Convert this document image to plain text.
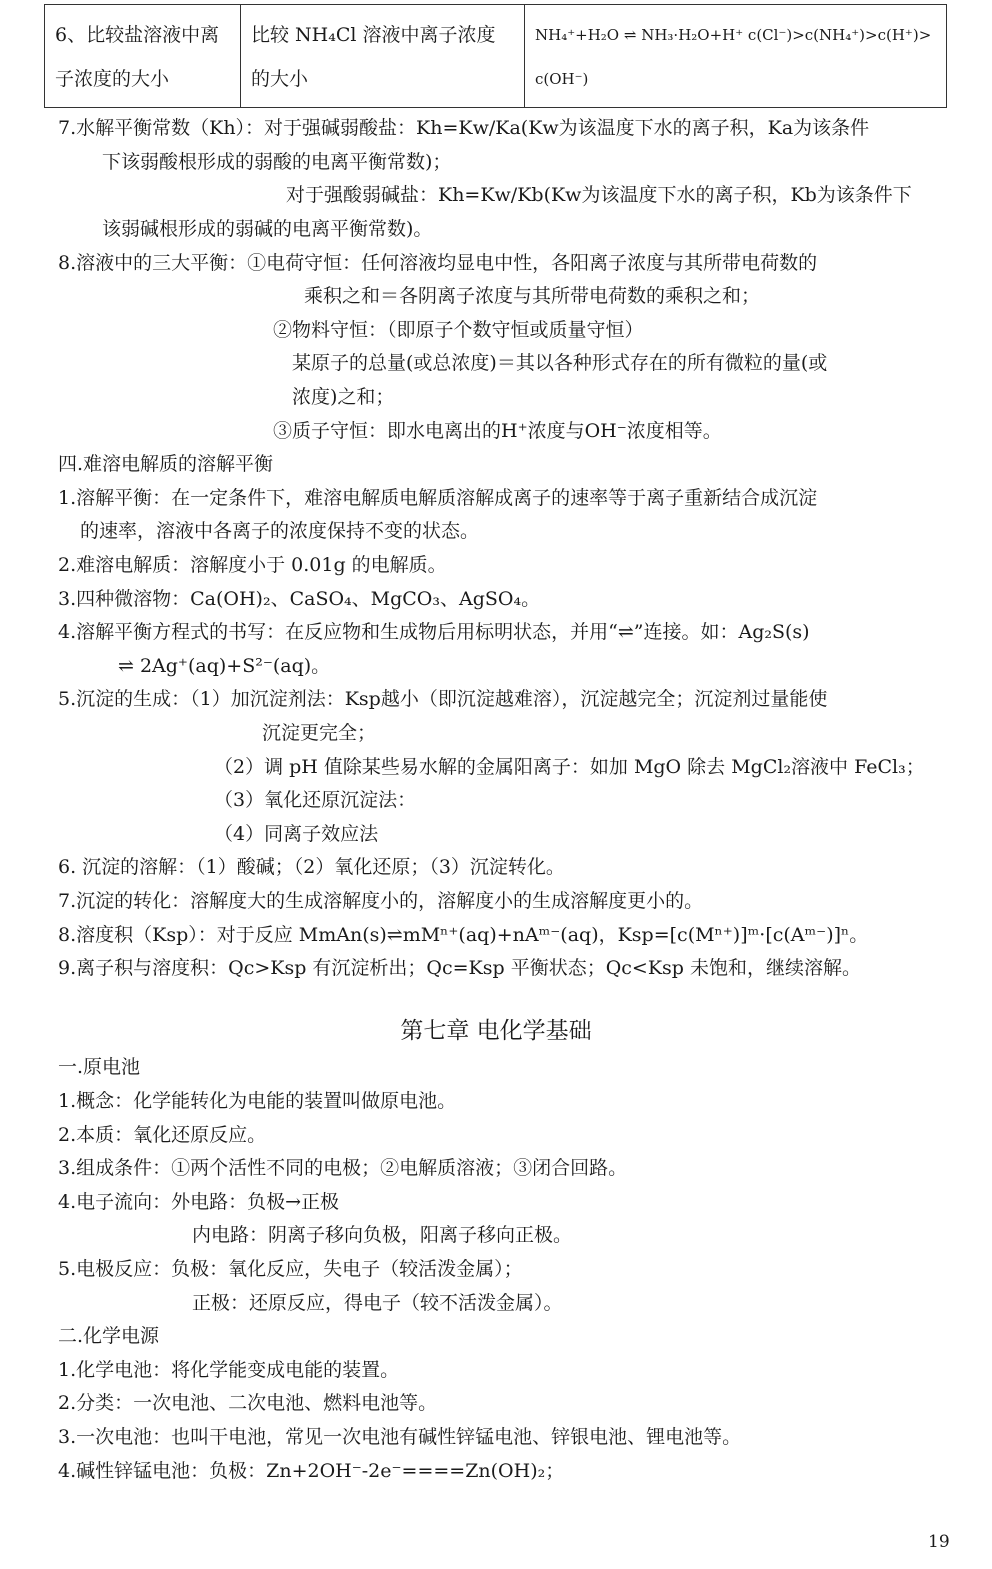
6、比较盐溶液中离子浓度的大小	比较 NH₄Cl 溶液中离子浓度的大小	NH₄⁺+H₂O ⇌ NH₃·H₂O+H⁺ c(Cl⁻)>c(NH₄⁺)>c(H⁺)>c(OH⁻)
7.水解平衡常数（Kh）：对于强碱弱酸盐：Kh=Kw/Ka(Kw为该温度下水的离子积，Ka为该条件
下该弱酸根形成的弱酸的电离平衡常数)；
对于强酸弱碱盐：Kh=Kw/Kb(Kw为该温度下水的离子积，Kb为该条件下
该弱碱根形成的弱碱的电离平衡常数)。
8.溶液中的三大平衡：①电荷守恒：任何溶液均显电中性，各阳离子浓度与其所带电荷数的
乘积之和＝各阴离子浓度与其所带电荷数的乘积之和；
②物料守恒：（即原子个数守恒或质量守恒）
某原子的总量(或总浓度)＝其以各种形式存在的所有微粒的量(或
浓度)之和；
③质子守恒：即水电离出的H⁺浓度与OH⁻浓度相等。
四.难溶电解质的溶解平衡
1.溶解平衡：在一定条件下，难溶电解质电解质溶解成离子的速率等于离子重新结合成沉淀
的速率，溶液中各离子的浓度保持不变的状态。
2.难溶电解质：溶解度小于 0.01g 的电解质。
3.四种微溶物：Ca(OH)₂、CaSO₄、MgCO₃、AgSO₄。
4.溶解平衡方程式的书写：在反应物和生成物后用标明状态，并用“⇌”连接。如：Ag₂S(s)
⇌ 2Ag⁺(aq)+S²⁻(aq)。
5.沉淀的生成：（1）加沉淀剂法：Ksp越小（即沉淀越难溶），沉淀越完全；沉淀剂过量能使
沉淀更完全；
（2）调 pH 值除某些易水解的金属阳离子：如加 MgO 除去 MgCl₂溶液中 FeCl₃；
（3）氧化还原沉淀法：
（4）同离子效应法
6. 沉淀的溶解：（1）酸碱；（2）氧化还原；（3）沉淀转化。
7.沉淀的转化：溶解度大的生成溶解度小的，溶解度小的生成溶解度更小的。
8.溶度积（Ksp）：对于反应 MmAn(s)⇌mMⁿ⁺(aq)+nAᵐ⁻(aq)，Ksp=[c(Mⁿ⁺)]ᵐ·[c(Aᵐ⁻)]ⁿ。
9.离子积与溶度积：Qc>Ksp 有沉淀析出；Qc=Ksp 平衡状态；Qc<Ksp 未饱和，继续溶解。
第七章 电化学基础
一.原电池
1.概念：化学能转化为电能的装置叫做原电池。
2.本质：氧化还原反应。
3.组成条件：①两个活性不同的电极；②电解质溶液；③闭合回路。
4.电子流向：外电路：负极→正极
内电路：阴离子移向负极，阳离子移向正极。
5.电极反应：负极：氧化反应，失电子（较活泼金属）；
正极：还原反应，得电子（较不活泼金属）。
二.化学电源
1.化学电池：将化学能变成电能的装置。
2.分类：一次电池、二次电池、燃料电池等。
3.一次电池：也叫干电池，常见一次电池有碱性锌锰电池、锌银电池、锂电池等。
4.碱性锌锰电池：负极：Zn+2OH⁻-2e⁻====Zn(OH)₂；
19
